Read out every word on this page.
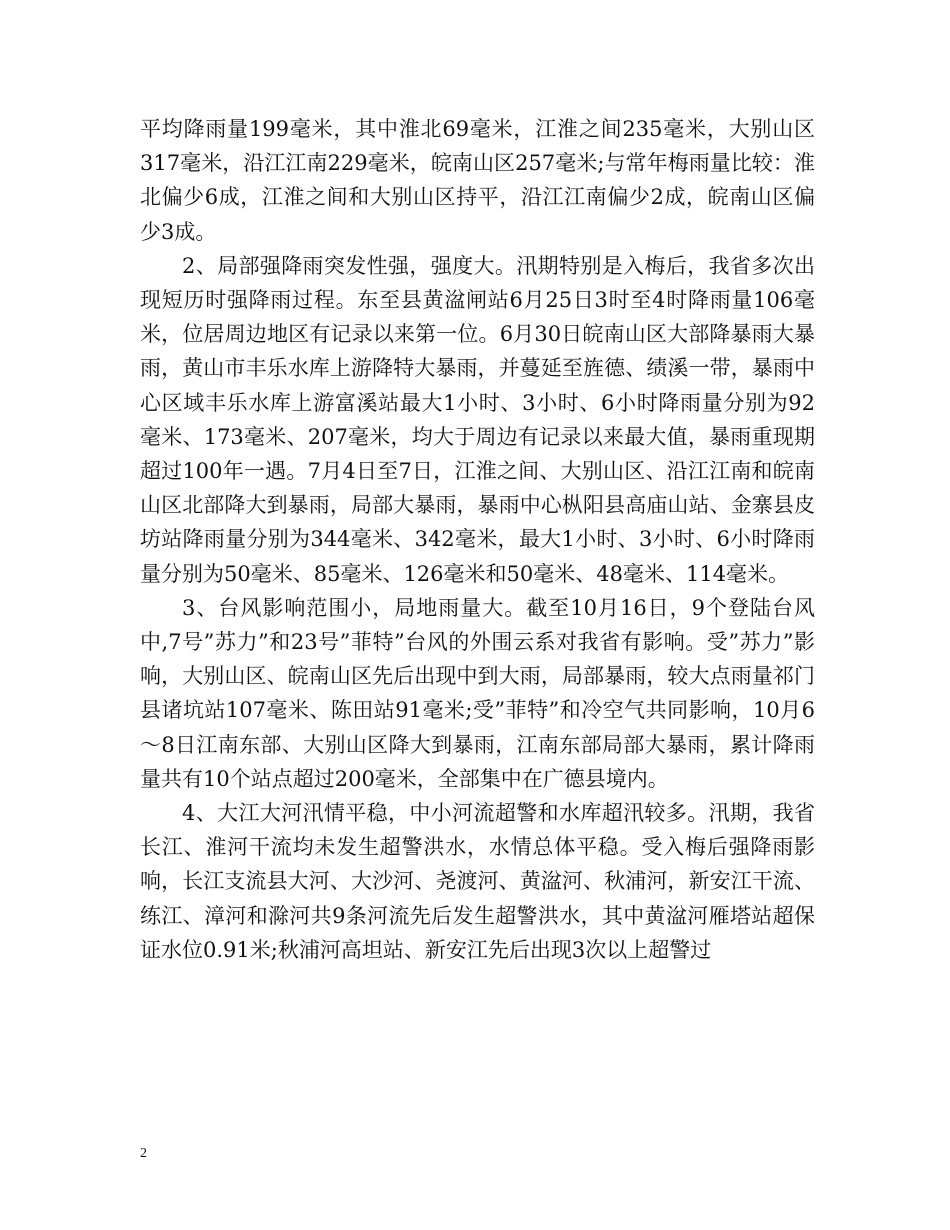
平均降雨量199毫米，其中淮北69毫米，江淮之间235毫米，大别山区317毫米，沿江江南229毫米，皖南山区257毫米;与常年梅雨量比较：淮北偏少6成，江淮之间和大别山区持平，沿江江南偏少2成，皖南山区偏少3成。

2、局部强降雨突发性强，强度大。汛期特别是入梅后，我省多次出现短历时强降雨过程。东至县黄湓闸站6月25日3时至4时降雨量106毫米，位居周边地区有记录以来第一位。6月30日皖南山区大部降暴雨大暴雨，黄山市丰乐水库上游降特大暴雨，并蔓延至旌德、绩溪一带，暴雨中心区域丰乐水库上游富溪站最大1小时、3小时、6小时降雨量分别为92毫米、173毫米、207毫米，均大于周边有记录以来最大值，暴雨重现期超过100年一遇。7月4日至7日，江淮之间、大别山区、沿江江南和皖南山区北部降大到暴雨，局部大暴雨，暴雨中心枞阳县高庙山站、金寨县皮坊站降雨量分别为344毫米、342毫米，最大1小时、3小时、6小时降雨量分别为50毫米、85毫米、126毫米和50毫米、48毫米、114毫米。

3、台风影响范围小，局地雨量大。截至10月16日，9个登陆台风中,7号”苏力”和23号”菲特”台风的外围云系对我省有影响。受”苏力”影响，大别山区、皖南山区先后出现中到大雨，局部暴雨，较大点雨量祁门县诸坑站107毫米、陈田站91毫米;受”菲特”和冷空气共同影响，10月6～8日江南东部、大别山区降大到暴雨，江南东部局部大暴雨，累计降雨量共有10个站点超过200毫米，全部集中在广德县境内。

4、大江大河汛情平稳，中小河流超警和水库超汛较多。汛期，我省长江、淮河干流均未发生超警洪水，水情总体平稳。受入梅后强降雨影响，长江支流县大河、大沙河、尧渡河、黄湓河、秋浦河，新安江干流、练江、漳河和滁河共9条河流先后发生超警洪水，其中黄湓河雁塔站超保证水位0.91米;秋浦河高坦站、新安江先后出现3次以上超警过

2
